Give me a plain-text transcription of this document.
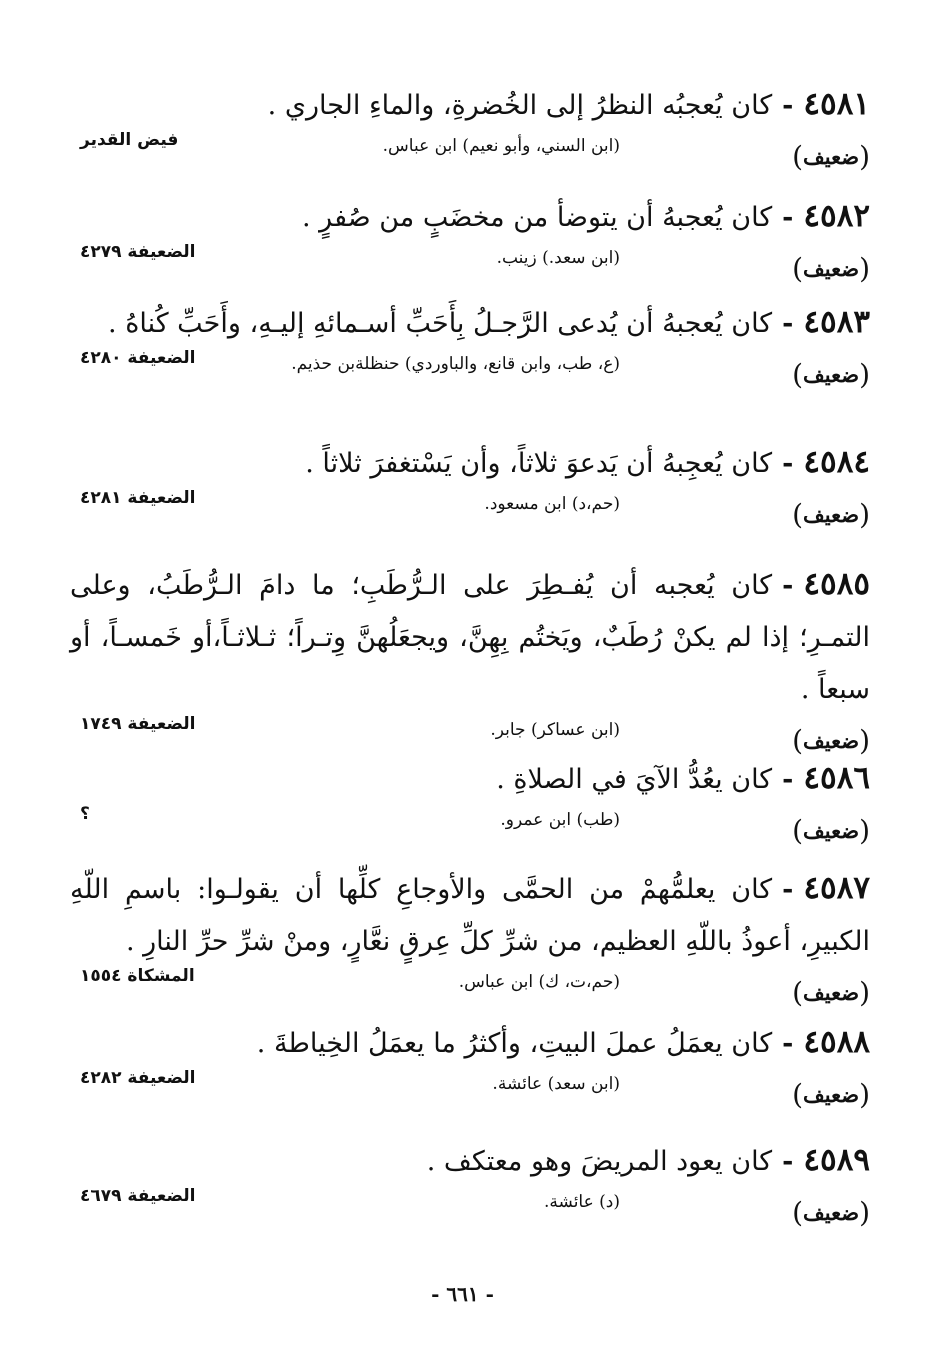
٤٥٨١-كان يُعجبُه النظرُ إلى الخُضرةِ، والماءِ الجاري .
(ضعيف)
(ابن السني، وأبو نعيم) ابن عباس.
فيض القدير
٤٥٨٢-كان يُعجبهُ أن يتوضأ من مخضَبٍ من صُفرٍ .
(ضعيف)
(ابن سعد.) زينب.
الضعيفة ٤٢٧٩
٤٥٨٣-كان يُعجبهُ أن يُدعى الرَّجـلُ بِأَحَبِّ أسـمائهِ إليـهِ، وأَحَبِّ كُناهُ .
(ضعيف)
(ع، طب، وابن قانع، والباوردي) حنظلةبن حذيم.
الضعيفة ٤٢٨٠
٤٥٨٤-كان يُعجِبهُ أن يَدعوَ ثلاثاً، وأن يَسْتغفرَ ثلاثاً .
(ضعيف)
(حم،د) ابن مسعود.
الضعيفة ٤٢٨١
٤٥٨٥-كان يُعجبه أن يُفـطِرَ على الـرُّطَبِ؛ ما دامَ الـرُّطَبُ، وعلى التمـرِ؛ إذا لم يكنْ رُطَبٌ، ويَختُم بِهِنَّ، ويجعَلُهنَّ وِتـراً؛ ثـلاثـاً،أو خَمسـاً، أو سبعاً .
(ضعيف)
(ابن عساكر) جابر.
الضعيفة ١٧٤٩
٤٥٨٦-كان يعُدُّ الآيَ في الصلاةِ .
(ضعيف)
(طب) ابن عمرو.
؟
٤٥٨٧-كان يعلمُّهمْ من الحمَّى والأوجاعِ كلِّها أن يقولـوا: باسمِ اللّهِ الكبيرِ، أعوذُ باللّهِ العظيم، من شرِّ كلِّ عِرقٍ نعَّارٍ، ومنْ شرِّ حرِّ النارِ .
(ضعيف)
(حم،ت، ك) ابن عباس.
المشكاة ١٥٥٤
٤٥٨٨-كان يعمَلُ عملَ البيتِ، وأكثرُ ما يعمَلُ الخِياطةَ .
(ضعيف)
(ابن سعد) عائشة.
الضعيفة ٤٢٨٢
٤٥٨٩-كان يعود المريضَ وهو معتكف .
(ضعيف)
(د) عائشة.
الضعيفة ٤٦٧٩
- ٦٦١ -
